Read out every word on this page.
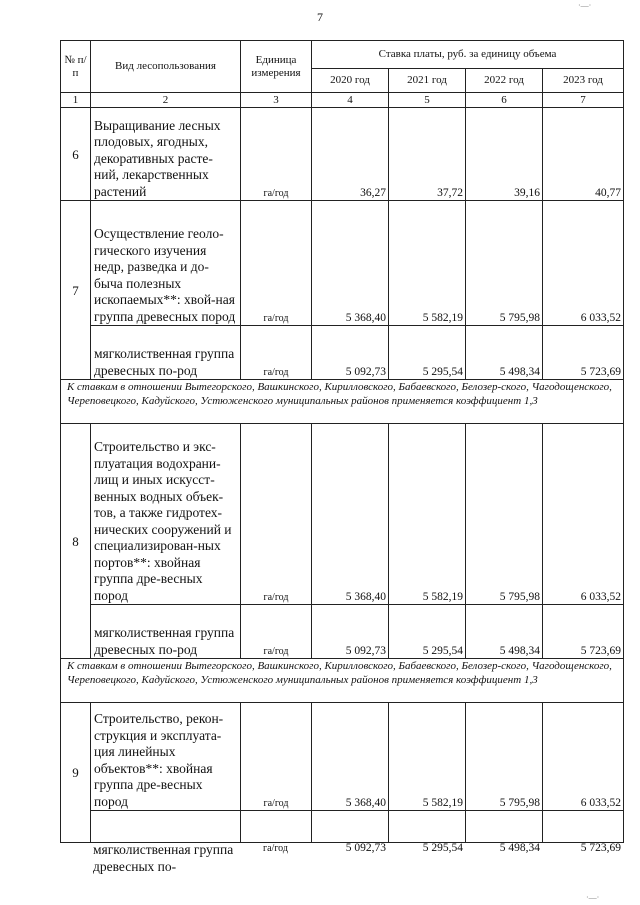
7
№ п/п	Вид лесопользования	Единица измерения	Ставка платы, руб. за единицу объема			
			2020 год	2021 год	2022 год	2023 год
1	2	3	4	5	6	7
6	Выращивание лесных плодовых, ягодных, декоративных расте-ний, лекарственных растений	га/год	36,27	37,72	39,16	40,77
7	Осуществление геоло-гического изучения недр, разведка и до-быча полезных ископаемых**: хвой-ная группа древесных пород	га/год	5 368,40	5 582,19	5 795,98	6 033,52
	мягколиственная группа древесных по-род	га/год	5 092,73	5 295,54	5 498,34	5 723,69
К ставкам в отношении Вытегорского, Вашкинского, Кирилловского, Бабаевского, Белозер-ского, Чагодощенского, Череповецкого, Кадуйского, Устюженского муниципальных районов применяется коэффициент 1,3						
8	Строительство и экс-плуатация водохрани-лищ и иных искусст-венных водных объек-тов, а также гидротех-нических сооружений и специализирован-ных портов**: хвойная группа дре-весных пород	га/год	5 368,40	5 582,19	5 795,98	6 033,52
	мягколиственная группа древесных по-род	га/год	5 092,73	5 295,54	5 498,34	5 723,69
К ставкам в отношении Вытегорского, Вашкинского, Кирилловского, Бабаевского, Белозер-ского, Чагодощенского, Череповецкого, Кадуйского, Устюженского муниципальных районов применяется коэффициент 1,3						
9	Строительство, рекон-струкция и эксплуата-ция линейных объектов**: хвойная группа дре-весных пород	га/год	5 368,40	5 582,19	5 795,98	6 033,52

	мягколиственная группа древесных по-	га/год	5 092,73	5 295,54	5 498,34	5 723,69
·—·
·—·
